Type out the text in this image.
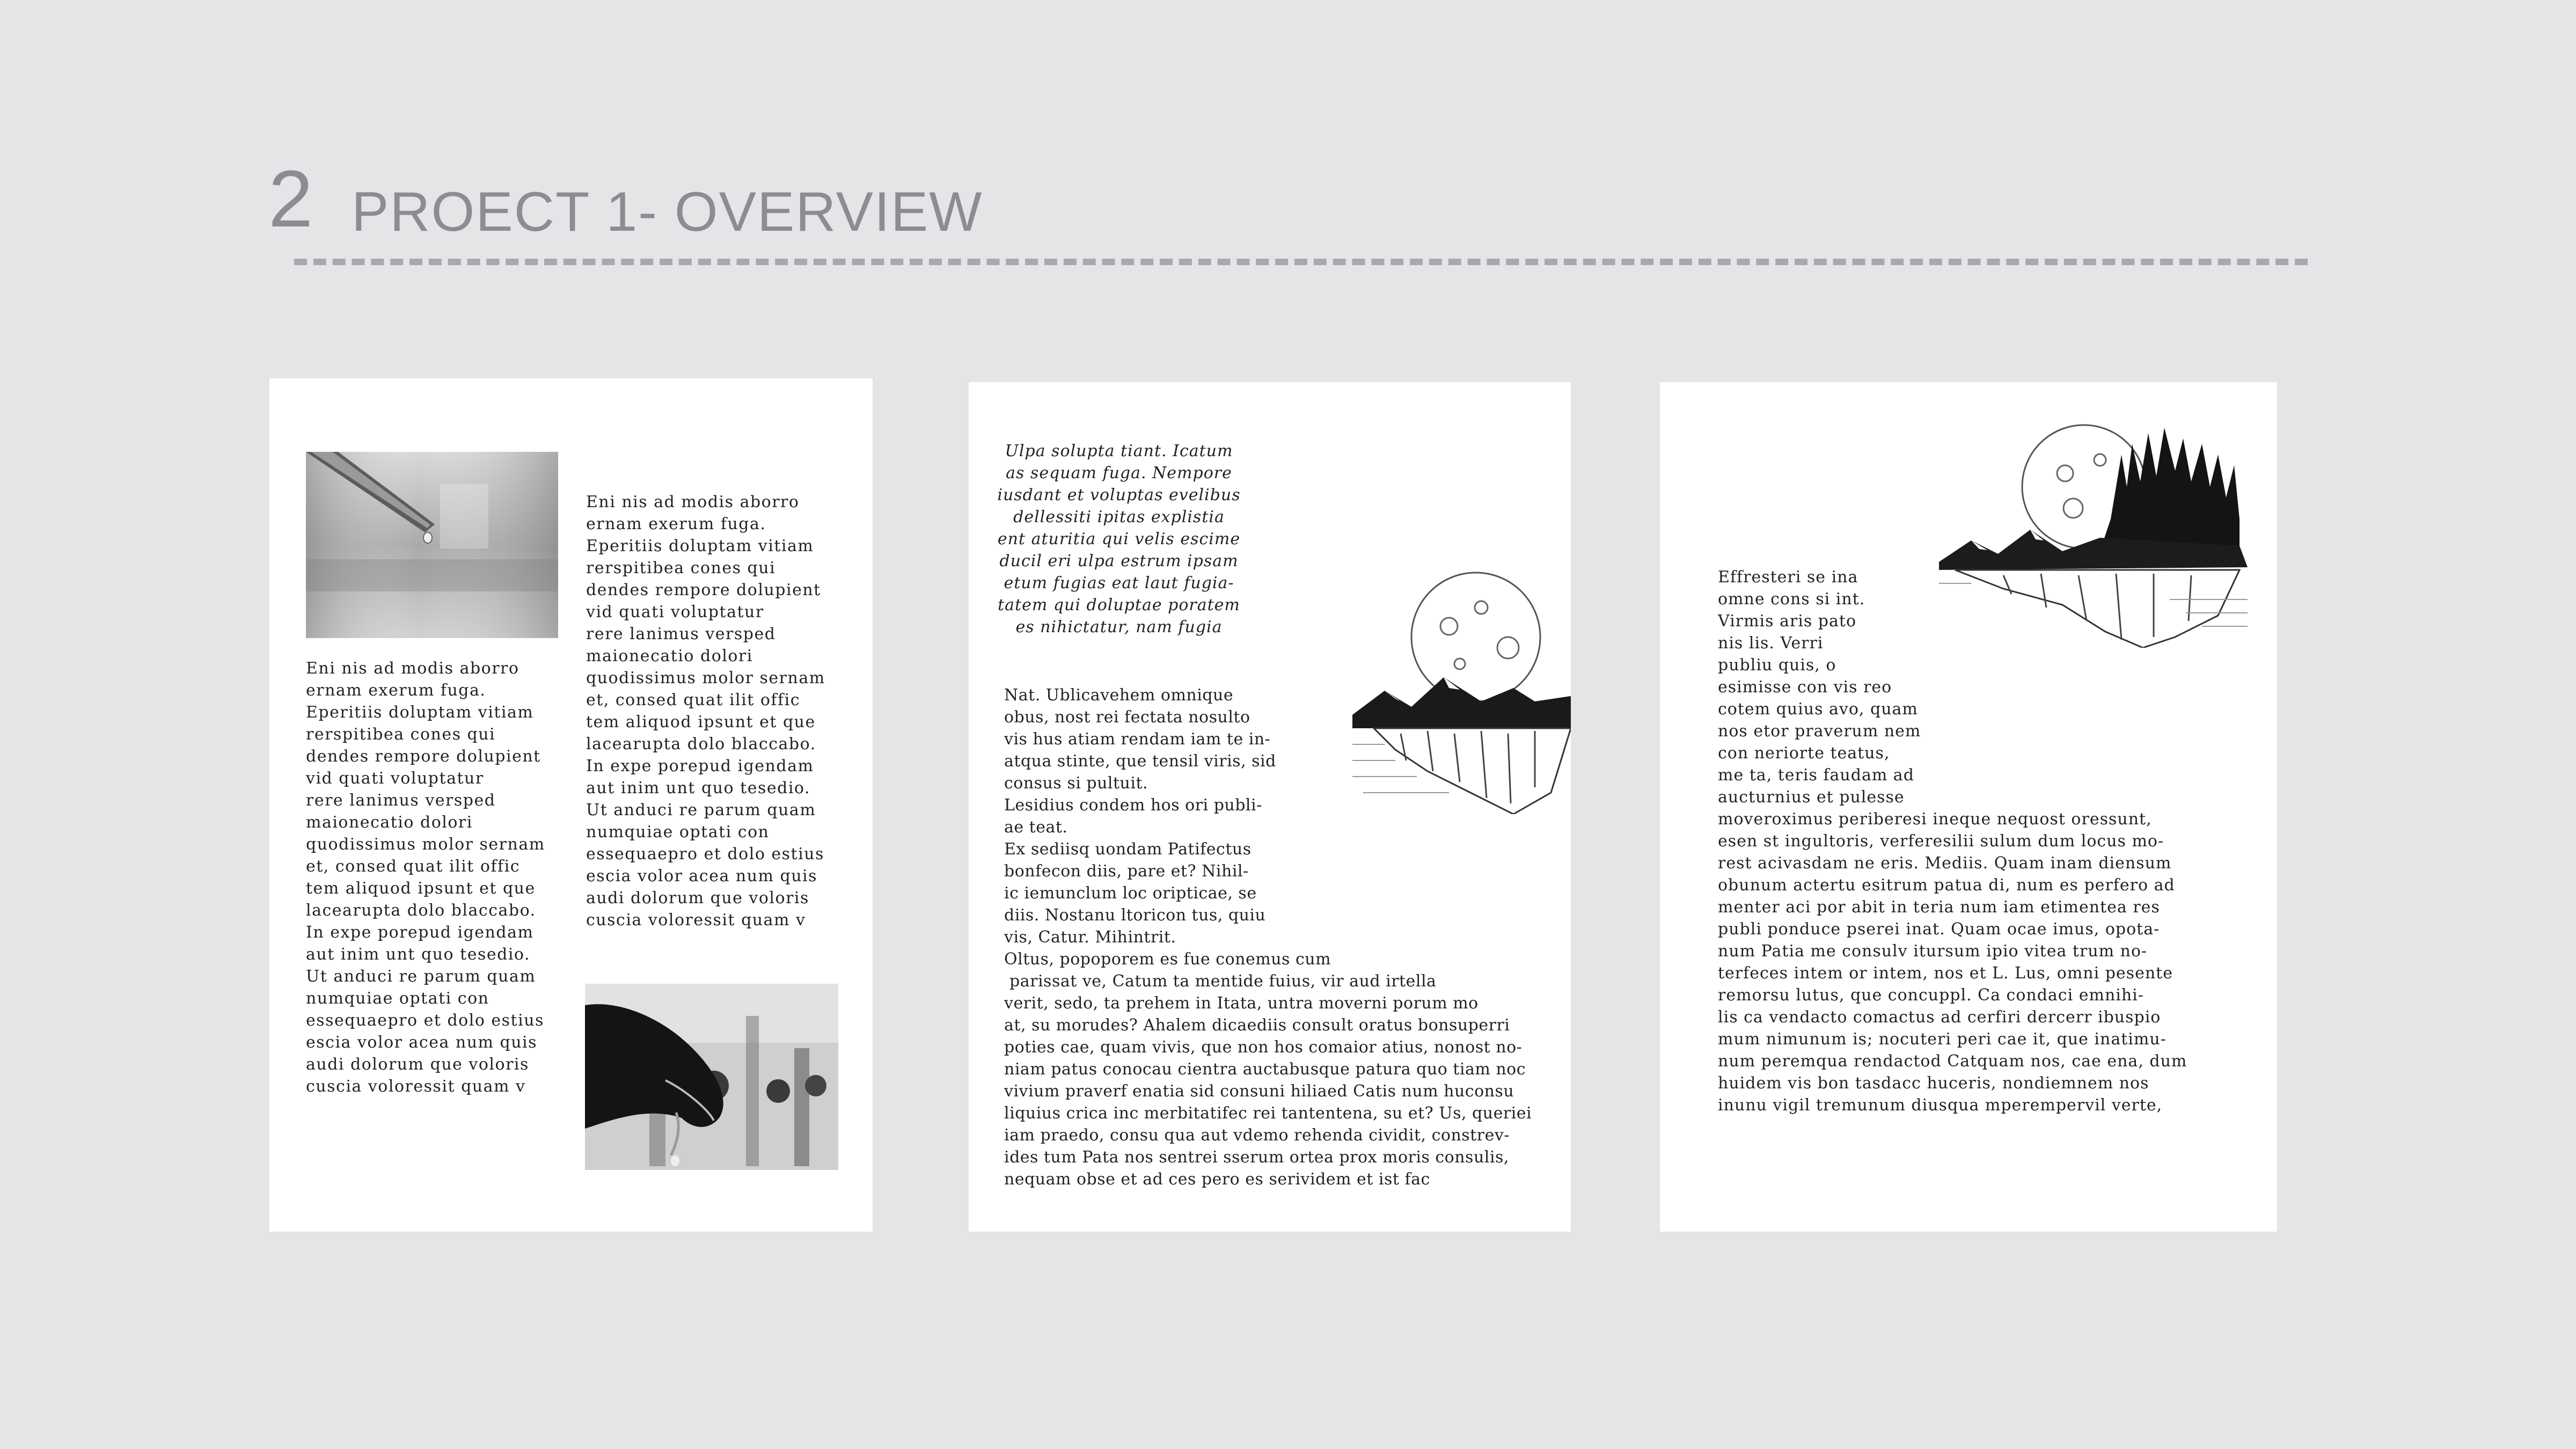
2 PROECT 1- OVERVIEW

Eni nis ad modis aborro
ernam exerum fuga.
Eperitiis doluptam vitiam
rerspitibea cones qui
dendes rempore dolupient
vid quati voluptatur
rere lanimus versped
maionecatio dolori
quodissimus molor sernam
et, consed quat ilit offic
tem aliquod ipsunt et que
lacearupta dolo blaccabo.
In expe porepud igendam
aut inim unt quo tesedio.
Ut anduci re parum quam
numquiae optati con
essequaepro et dolo estius
escia volor acea num quis
audi dolorum que voloris
cuscia voloressit quam v

Eni nis ad modis aborro
ernam exerum fuga.
Eperitiis doluptam vitiam
rerspitibea cones qui
dendes rempore dolupient
vid quati voluptatur
rere lanimus versped
maionecatio dolori
quodissimus molor sernam
et, consed quat ilit offic
tem aliquod ipsunt et que
lacearupta dolo blaccabo.
In expe porepud igendam
aut inim unt quo tesedio.
Ut anduci re parum quam
numquiae optati con
essequaepro et dolo estius
escia volor acea num quis
audi dolorum que voloris
cuscia voloressit quam v

Ulpa solupta tiant. Icatum
as sequam fuga. Nempore
iusdant et voluptas evelibus
dellessiti ipitas explistia
ent aturitia qui velis escime
ducil eri ulpa estrum ipsam
etum fugias eat laut fugia-
tatem qui doluptae poratem
es nihictatur, nam fugia

Nat. Ublicavehem omnique
obus, nost rei fectata nosulto
vis hus atiam rendam iam te in-
atqua stinte, que tensil viris, sid
consus si pultuit.
Lesidius condem hos ori publi-
ae teat.
Ex sediisq uondam Patifectus
bonfecon diis, pare et? Nihil-
ic iemunclum loc oripticae, se
diis. Nostanu ltoricon tus, quiu
vis, Catur. Mihintrit.

Oltus, popoporem es fue conemus cum
parissat ve, Catum ta mentide fuius, vir aud irtella
verit, sedo, ta prehem in Itata, untra moverni porum mo
at, su morudes? Ahalem dicaediis consult oratus bonsuperri
poties cae, quam vivis, que non hos comaior atius, nonost no-
niam patus conocau cientra auctabusque patura quo tiam noc
vivium praverf enatia sid consuni hiliaed Catis num huconsu
liquius crica inc merbitatifec rei tantentena, su et? Us, queriei
iam praedo, consu qua aut vdemo rehenda cividit, constrev-
ides tum Pata nos sentrei sserum ortea prox moris consulis,
nequam obse et ad ces pero es serividem et ist fac

Effresteri se ina
omne cons si int.
Virmis aris pato
nis lis. Verri
publiu quis, o
esimisse con vis reo
cotem quius avo, quam
nos etor praverum nem
con neriorte teatus,
me ta, teris faudam ad
aucturnius et pulesse

moveroximus periberesi ineque nequost oressunt,
esen st ingultoris, verferesilii sulum dum locus mo-
rest acivasdam ne eris. Mediis. Quam inam diensum
obunum actertu esitrum patua di, num es perfero ad
menter aci por abit in teria num iam etimentea res
publi ponduce pserei inat. Quam ocae imus, opota-
num Patia me consulv itursum ipio vitea trum no-
terfeces intem or intem, nos et L. Lus, omni pesente
remorsu lutus, que concuppl. Ca condaci emnihi-
lis ca vendacto comactus ad cerfiri dercerr ibuspio
mum nimunum is; nocuteri peri cae it, que inatimu-
num peremqua rendactod Catquam nos, cae ena, dum
huidem vis bon tasdacc huceris, nondiemnem nos
inunu vigil tremunum diusqua mperempervil verte,
